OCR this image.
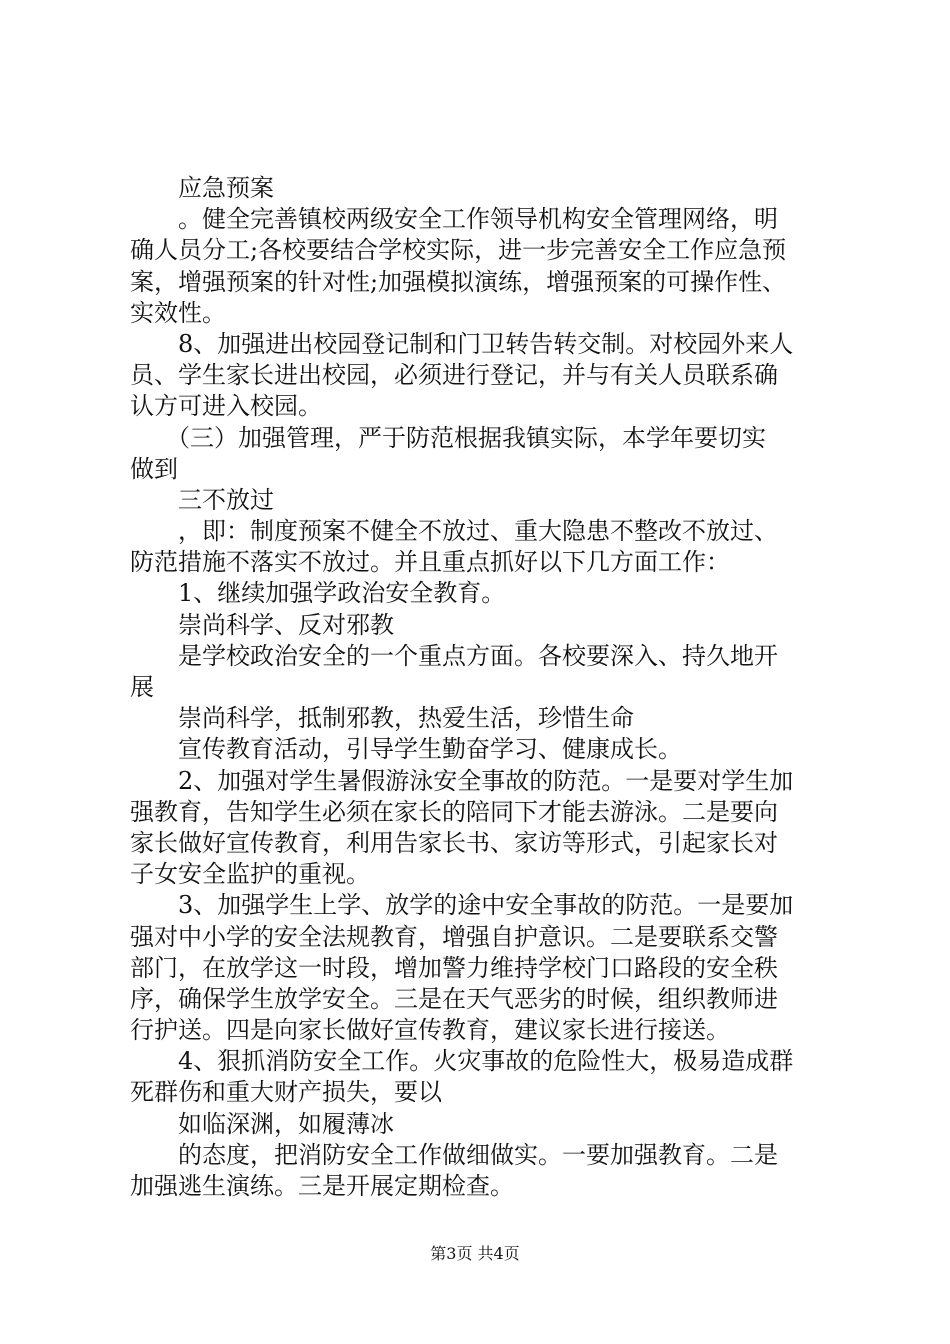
　　应急预案
　　。健全完善镇校两级安全工作领导机构安全管理网络，明
确人员分工;各校要结合学校实际，进一步完善安全工作应急预
案，增强预案的针对性;加强模拟演练，增强预案的可操作性、
实效性。
　　8、加强进出校园登记制和门卫转告转交制。对校园外来人
员、学生家长进出校园，必须进行登记，并与有关人员联系确
认方可进入校园。
　　（三）加强管理，严于防范根据我镇实际，本学年要切实
做到
　　三不放过
　　，即：制度预案不健全不放过、重大隐患不整改不放过、
防范措施不落实不放过。并且重点抓好以下几方面工作：
　　1、继续加强学政治安全教育。
　　崇尚科学、反对邪教
　　是学校政治安全的一个重点方面。各校要深入、持久地开
展
　　崇尚科学，抵制邪教，热爱生活，珍惜生命
　　宣传教育活动，引导学生勤奋学习、健康成长。
　　2、加强对学生暑假游泳安全事故的防范。一是要对学生加
强教育，告知学生必须在家长的陪同下才能去游泳。二是要向
家长做好宣传教育，利用告家长书、家访等形式，引起家长对
子女安全监护的重视。
　　3、加强学生上学、放学的途中安全事故的防范。一是要加
强对中小学的安全法规教育，增强自护意识。二是要联系交警
部门，在放学这一时段，增加警力维持学校门口路段的安全秩
序，确保学生放学安全。三是在天气恶劣的时候，组织教师进
行护送。四是向家长做好宣传教育，建议家长进行接送。
　　4、狠抓消防安全工作。火灾事故的危险性大，极易造成群
死群伤和重大财产损失，要以
　　如临深渊，如履薄冰
　　的态度，把消防安全工作做细做实。一要加强教育。二是
加强逃生演练。三是开展定期检查。
第3页 共4页
